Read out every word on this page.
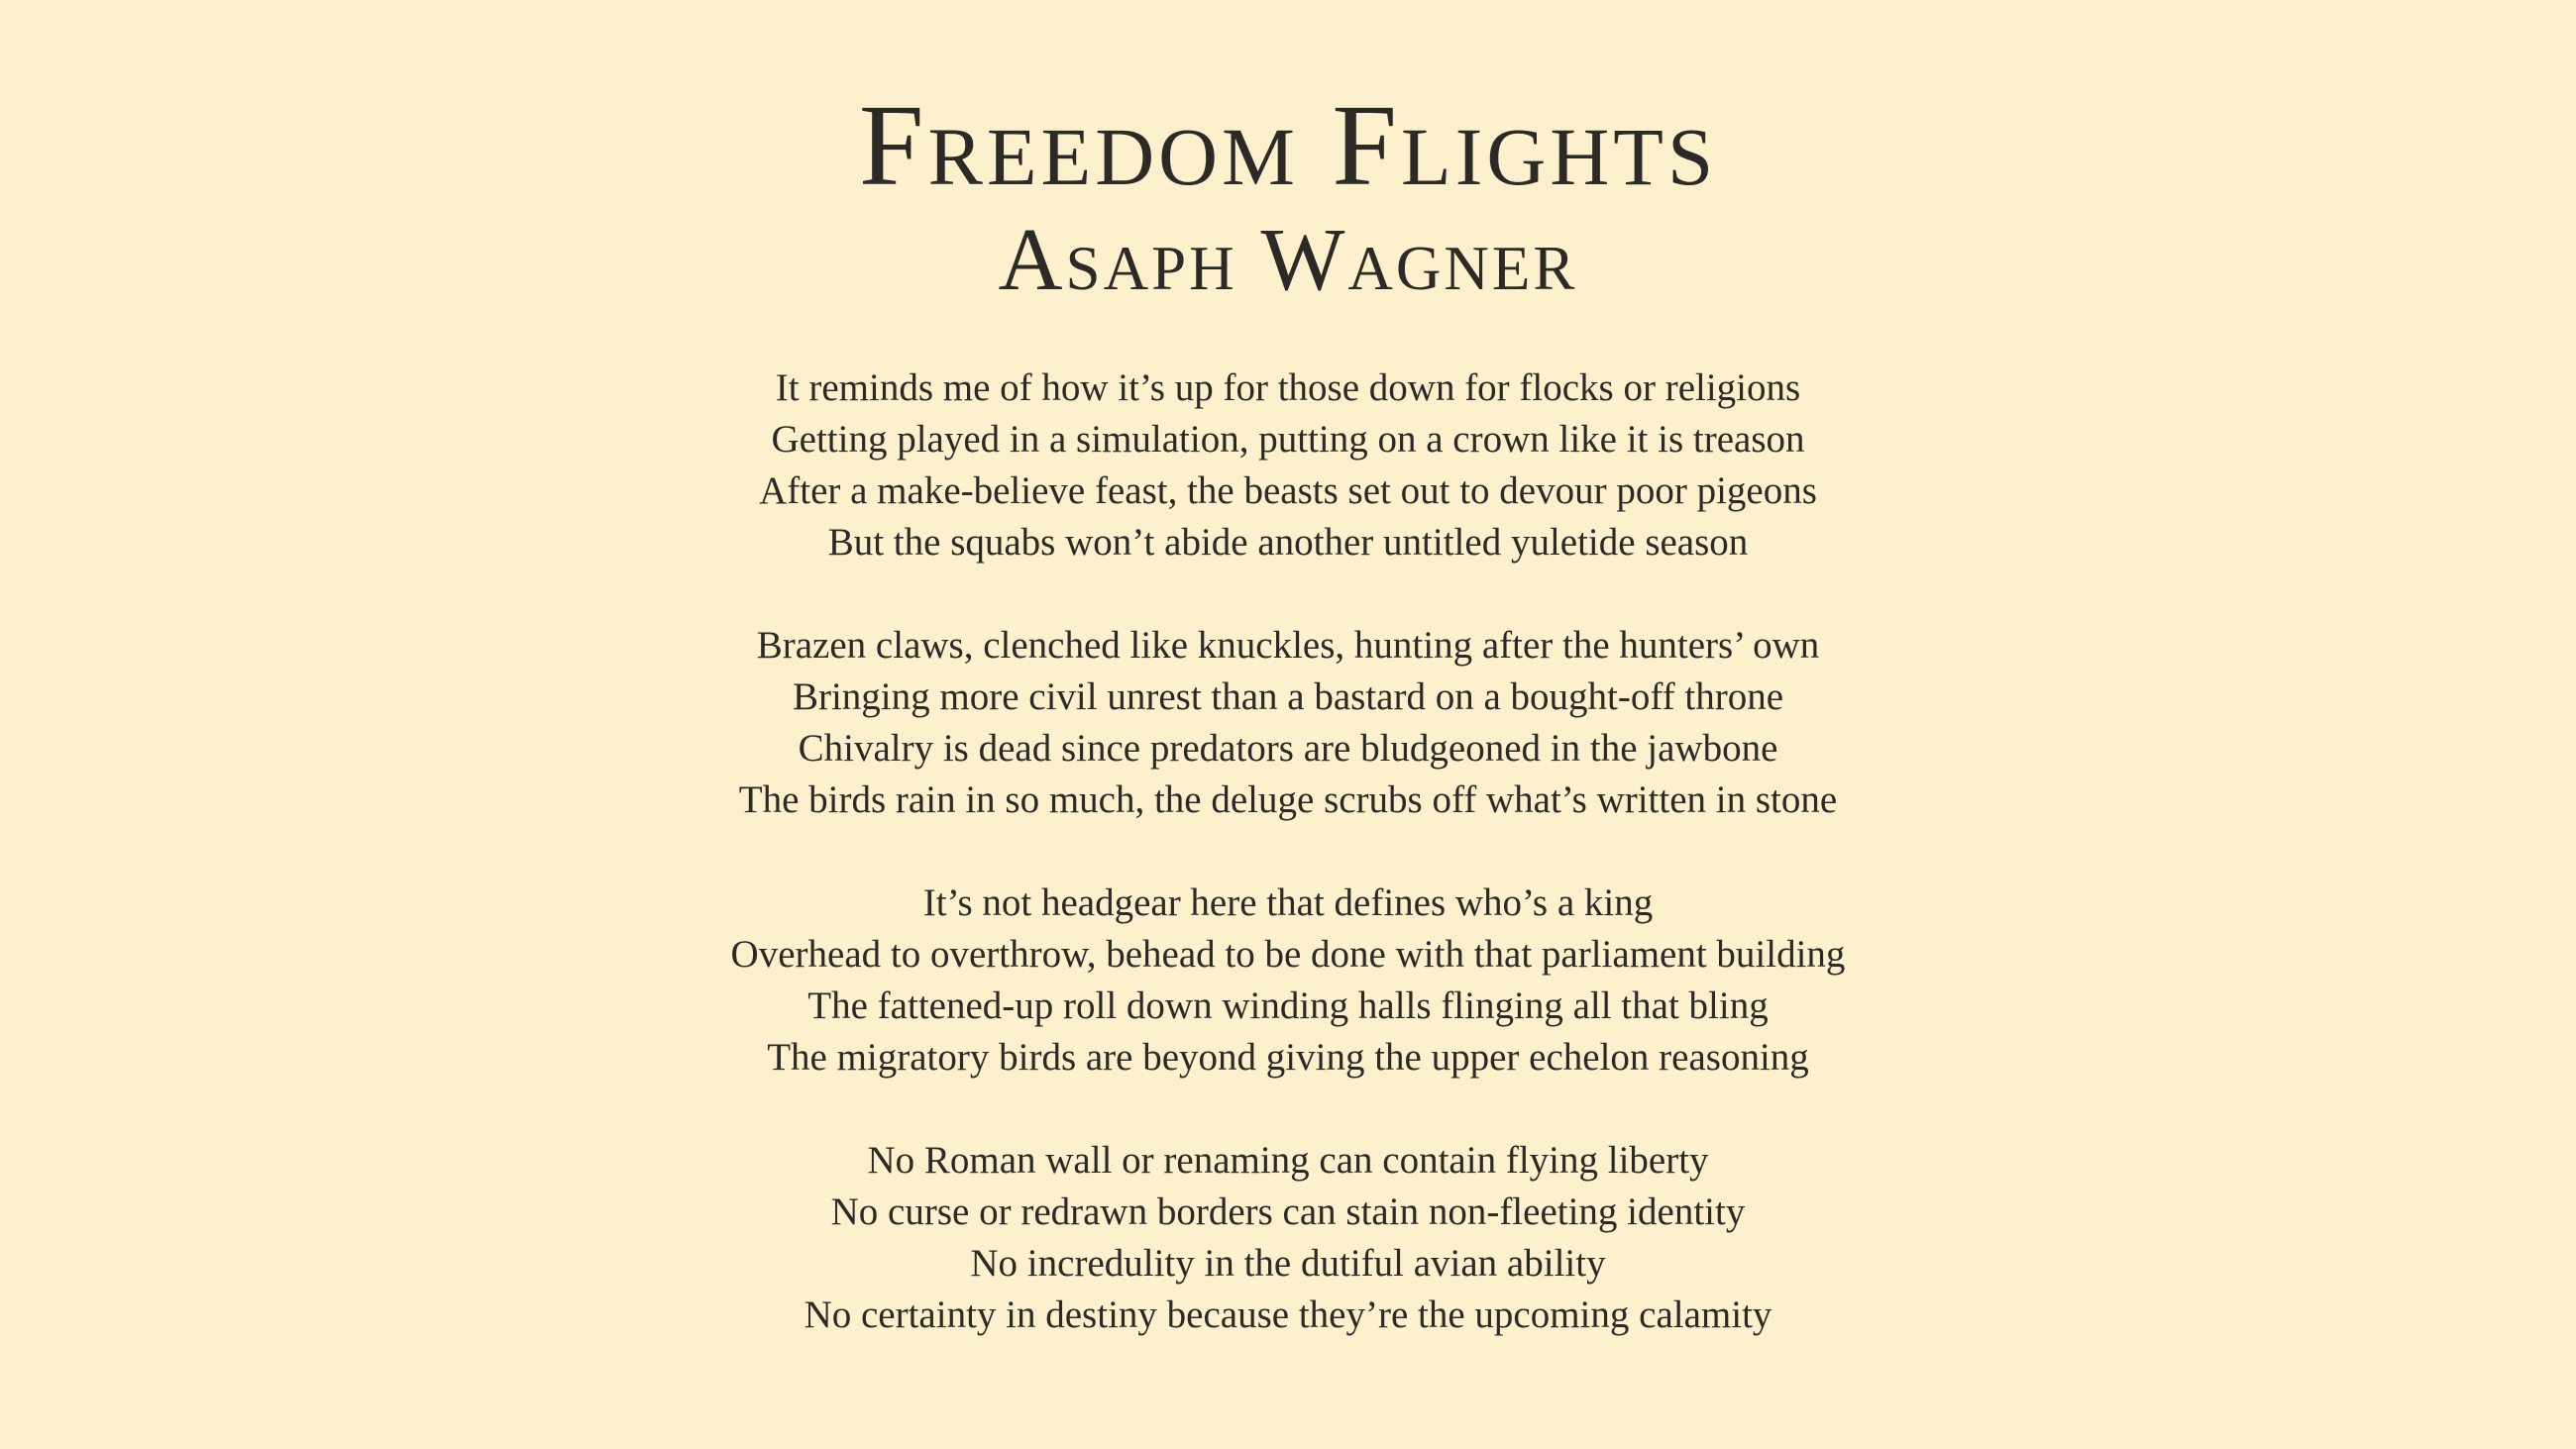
Freedom Flights
Asaph Wagner
It reminds me of how it’s up for those down for flocks or religions
Getting played in a simulation, putting on a crown like it is treason
After a make-believe feast, the beasts set out to devour poor pigeons
But the squabs won’t abide another untitled yuletide season
Brazen claws, clenched like knuckles, hunting after the hunters’ own
Bringing more civil unrest than a bastard on a bought-off throne
Chivalry is dead since predators are bludgeoned in the jawbone
The birds rain in so much, the deluge scrubs off what’s written in stone
It’s not headgear here that defines who’s a king
Overhead to overthrow, behead to be done with that parliament building
The fattened-up roll down winding halls flinging all that bling
The migratory birds are beyond giving the upper echelon reasoning
No Roman wall or renaming can contain flying liberty
No curse or redrawn borders can stain non-fleeting identity
No incredulity in the dutiful avian ability
No certainty in destiny because they’re the upcoming calamity
